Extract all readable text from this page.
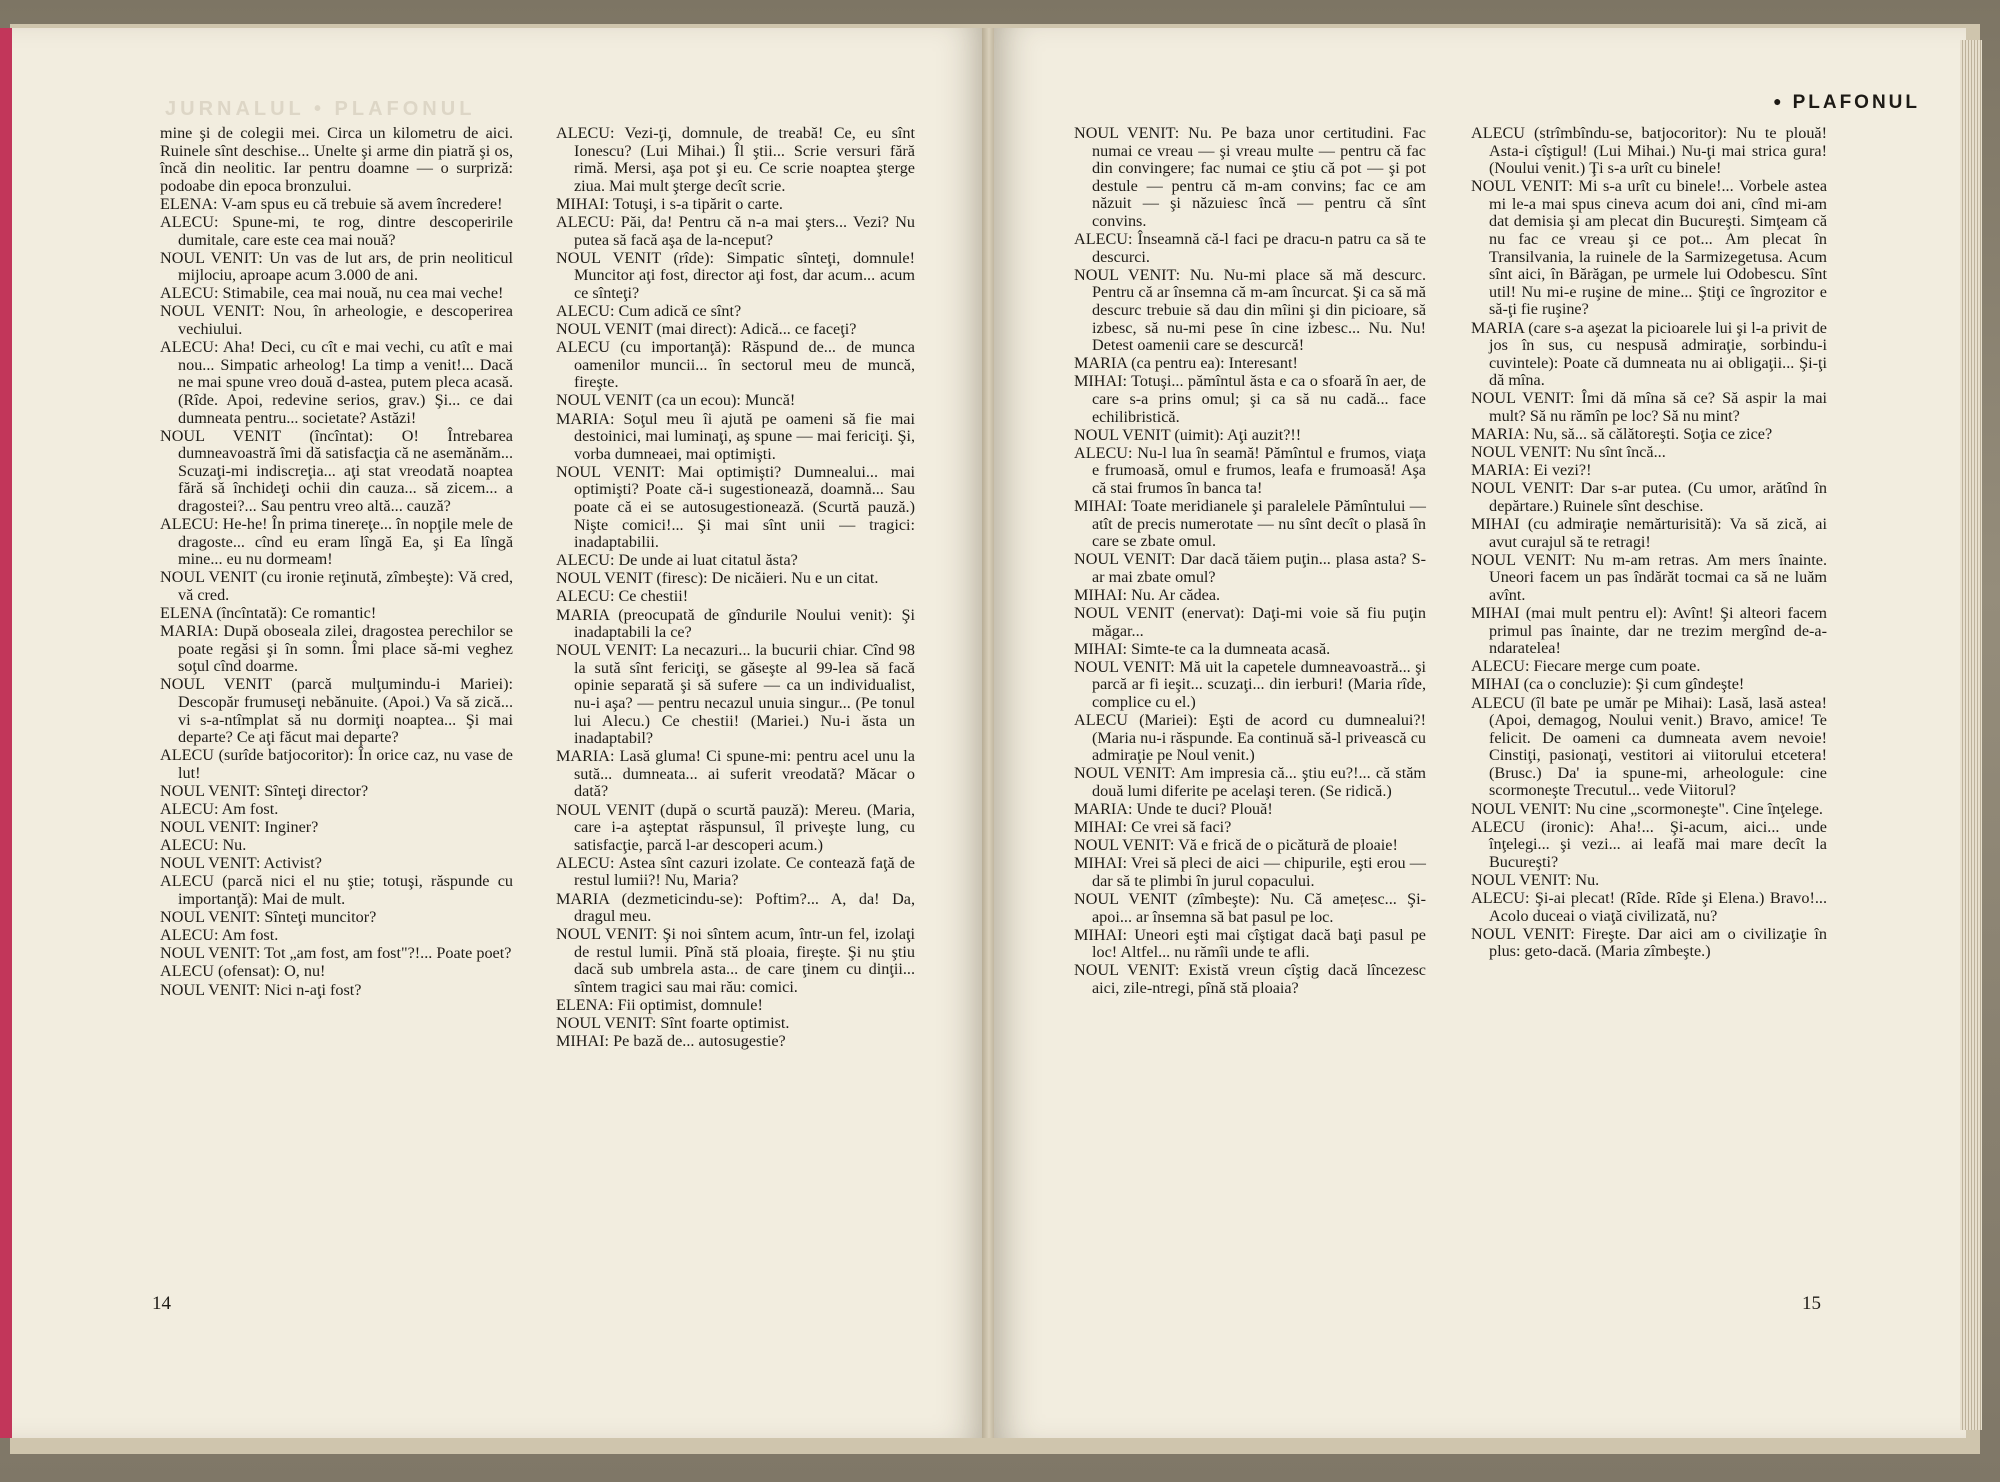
JURNALUL • PLAFONUL

mine şi de colegii mei. Circa un kilometru de aici. Ruinele sînt deschise... Unelte şi arme din piatră şi os, încă din neolitic. Iar pentru doamne — o surpriză: podoabe din epoca bronzului.

ELENA: V-am spus eu că trebuie să avem încredere!

ALECU: Spune-mi, te rog, dintre descoperirile dumitale, care este cea mai nouă?

NOUL VENIT: Un vas de lut ars, de prin neoliticul mijlociu, aproape acum 3.000 de ani.

ALECU: Stimabile, cea mai nouă, nu cea mai veche!

NOUL VENIT: Nou, în arheologie, e descoperirea vechiului.

ALECU: Aha! Deci, cu cît e mai vechi, cu atît e mai nou... Simpatic arheolog! La timp a venit!... Dacă ne mai spune vreo două d-astea, putem pleca acasă. (Rîde. Apoi, redevine serios, grav.) Şi... ce dai dumneata pentru... societate? Astăzi!

NOUL VENIT (încîntat): O! Întrebarea dumneavoastră îmi dă satisfacţia că ne asemănăm... Scuzaţi-mi indiscreţia... aţi stat vreodată noaptea fără să închideţi ochii din cauza... să zicem... a dragostei?... Sau pentru vreo altă... cauză?

ALECU: He-he! În prima tinereţe... în nopţile mele de dragoste... cînd eu eram lîngă Ea, şi Ea lîngă mine... eu nu dormeam!

NOUL VENIT (cu ironie reţinută, zîmbeşte): Vă cred, vă cred.

ELENA (încîntată): Ce romantic!

MARIA: După oboseala zilei, dragostea perechilor se poate regăsi şi în somn. Îmi place să-mi veghez soţul cînd doarme.

NOUL VENIT (parcă mulţumindu-i Mariei): Descopăr frumuseţi nebănuite. (Apoi.) Va să zică... vi s-a-ntîmplat să nu dormiţi noaptea... Şi mai departe? Ce aţi făcut mai departe?

ALECU (surîde batjocoritor): În orice caz, nu vase de lut!

NOUL VENIT: Sînteţi director?

ALECU: Am fost.

NOUL VENIT: Inginer?

ALECU: Nu.

NOUL VENIT: Activist?

ALECU (parcă nici el nu ştie; totuşi, răspunde cu importanţă): Mai de mult.

NOUL VENIT: Sînteţi muncitor?

ALECU: Am fost.

NOUL VENIT: Tot „am fost, am fost"?!... Poate poet?

ALECU (ofensat): O, nu!

NOUL VENIT: Nici n-aţi fost?

ALECU: Vezi-ţi, domnule, de treabă! Ce, eu sînt Ionescu? (Lui Mihai.) Îl ştii... Scrie versuri fără rimă. Mersi, aşa pot şi eu. Ce scrie noaptea şterge ziua. Mai mult şterge decît scrie.

MIHAI: Totuşi, i s-a tipărit o carte.

ALECU: Păi, da! Pentru că n-a mai şters... Vezi? Nu putea să facă aşa de la-nceput?

NOUL VENIT (rîde): Simpatic sînteţi, domnule! Muncitor aţi fost, director aţi fost, dar acum... acum ce sînteţi?

ALECU: Cum adică ce sînt?

NOUL VENIT (mai direct): Adică... ce faceţi?

ALECU (cu importanţă): Răspund de... de munca oamenilor muncii... în sectorul meu de muncă, fireşte.

NOUL VENIT (ca un ecou): Muncă!

MARIA: Soţul meu îi ajută pe oameni să fie mai destoinici, mai luminaţi, aş spune — mai fericiţi. Şi, vorba dumneaei, mai optimişti.

NOUL VENIT: Mai optimişti? Dumnealui... mai optimişti? Poate că-i sugestionează, doamnă... Sau poate că ei se autosugestionează. (Scurtă pauză.) Nişte comici!... Şi mai sînt unii — tragici: inadaptabilii.

ALECU: De unde ai luat citatul ăsta?

NOUL VENIT (firesc): De nicăieri. Nu e un citat.

ALECU: Ce chestii!

MARIA (preocupată de gîndurile Noului venit): Şi inadaptabili la ce?

NOUL VENIT: La necazuri... la bucurii chiar. Cînd 98 la sută sînt fericiţi, se găseşte al 99-lea să facă opinie separată şi să sufere — ca un individualist, nu-i aşa? — pentru necazul unuia singur... (Pe tonul lui Alecu.) Ce chestii! (Mariei.) Nu-i ăsta un inadaptabil?

MARIA: Lasă gluma! Ci spune-mi: pentru acel unu la sută... dumneata... ai suferit vreodată? Măcar o dată?

NOUL VENIT (după o scurtă pauză): Mereu. (Maria, care i-a aşteptat răspunsul, îl priveşte lung, cu satisfacţie, parcă l-ar descoperi acum.)

ALECU: Astea sînt cazuri izolate. Ce contează faţă de restul lumii?! Nu, Maria?

MARIA (dezmeticindu-se): Poftim?... A, da! Da, dragul meu.

NOUL VENIT: Şi noi sîntem acum, într-un fel, izolaţi de restul lumii. Pînă stă ploaia, fireşte. Şi nu ştiu dacă sub umbrela asta... de care ţinem cu dinţii... sîntem tragici sau mai rău: comici.

ELENA: Fii optimist, domnule!

NOUL VENIT: Sînt foarte optimist.

MIHAI: Pe bază de... autosugestie?

14
● PLAFONUL

NOUL VENIT: Nu. Pe baza unor certitudini. Fac numai ce vreau — şi vreau multe — pentru că fac din convingere; fac numai ce ştiu că pot — şi pot destule — pentru că m-am convins; fac ce am năzuit — şi năzuiesc încă — pentru că sînt convins.

ALECU: Înseamnă că-l faci pe dracu-n patru ca să te descurci.

NOUL VENIT: Nu. Nu-mi place să mă descurc. Pentru că ar însemna că m-am încurcat. Şi ca să mă descurc trebuie să dau din mîini şi din picioare, să izbesc, să nu-mi pese în cine izbesc... Nu. Nu! Detest oamenii care se descurcă!

MARIA (ca pentru ea): Interesant!

MIHAI: Totuşi... pămîntul ăsta e ca o sfoară în aer, de care s-a prins omul; şi ca să nu cadă... face echilibristică.

NOUL VENIT (uimit): Aţi auzit?!!

ALECU: Nu-l lua în seamă! Pămîntul e frumos, viaţa e frumoasă, omul e frumos, leafa e frumoasă! Aşa că stai frumos în banca ta!

MIHAI: Toate meridianele şi paralelele Pămîntului — atît de precis numerotate — nu sînt decît o plasă în care se zbate omul.

NOUL VENIT: Dar dacă tăiem puţin... plasa asta? S-ar mai zbate omul?

MIHAI: Nu. Ar cădea.

NOUL VENIT (enervat): Daţi-mi voie să fiu puţin măgar...

MIHAI: Simte-te ca la dumneata acasă.

NOUL VENIT: Mă uit la capetele dumneavoastră... şi parcă ar fi ieşit... scuzaţi... din ierburi! (Maria rîde, complice cu el.)

ALECU (Mariei): Eşti de acord cu dumnealui?! (Maria nu-i răspunde. Ea continuă să-l privească cu admiraţie pe Noul venit.)

NOUL VENIT: Am impresia că... ştiu eu?!... că stăm două lumi diferite pe acelaşi teren. (Se ridică.)

MARIA: Unde te duci? Plouă!

MIHAI: Ce vrei să faci?

NOUL VENIT: Vă e frică de o picătură de ploaie!

MIHAI: Vrei să pleci de aici — chipurile, eşti erou — dar să te plimbi în jurul copacului.

NOUL VENIT (zîmbeşte): Nu. Că amețesc... Şi-apoi... ar însemna să bat pasul pe loc.

MIHAI: Uneori eşti mai cîştigat dacă baţi pasul pe loc! Altfel... nu rămîi unde te afli.

NOUL VENIT: Există vreun cîştig dacă lîncezesc aici, zile-ntregi, pînă stă ploaia?

ALECU (strîmbîndu-se, batjocoritor): Nu te plouă! Asta-i cîştigul! (Lui Mihai.) Nu-ţi mai strica gura! (Noului venit.) Ţi s-a urît cu binele!

NOUL VENIT: Mi s-a urît cu binele!... Vorbele astea mi le-a mai spus cineva acum doi ani, cînd mi-am dat demisia şi am plecat din Bucureşti. Simţeam că nu fac ce vreau şi ce pot... Am plecat în Transilvania, la ruinele de la Sarmizegetusa. Acum sînt aici, în Bărăgan, pe urmele lui Odobescu. Sînt util! Nu mi-e ruşine de mine... Ştiţi ce îngrozitor e să-ţi fie ruşine?

MARIA (care s-a aşezat la picioarele lui şi l-a privit de jos în sus, cu nespusă admiraţie, sorbindu-i cuvintele): Poate că dumneata nu ai obligaţii... Şi-ţi dă mîna.

NOUL VENIT: Îmi dă mîna să ce? Să aspir la mai mult? Să nu rămîn pe loc? Să nu mint?

MARIA: Nu, să... să călătoreşti. Soţia ce zice?

NOUL VENIT: Nu sînt încă...

MARIA: Ei vezi?!

NOUL VENIT: Dar s-ar putea. (Cu umor, arătînd în depărtare.) Ruinele sînt deschise.

MIHAI (cu admiraţie nemărturisită): Va să zică, ai avut curajul să te retragi!

NOUL VENIT: Nu m-am retras. Am mers înainte. Uneori facem un pas îndărăt tocmai ca să ne luăm avînt.

MIHAI (mai mult pentru el): Avînt! Şi alteori facem primul pas înainte, dar ne trezim mergînd de-a-ndaratelea!

ALECU: Fiecare merge cum poate.

MIHAI (ca o concluzie): Şi cum gîndeşte!

ALECU (îl bate pe umăr pe Mihai): Lasă, lasă astea! (Apoi, demagog, Noului venit.) Bravo, amice! Te felicit. De oameni ca dumneata avem nevoie! Cinstiţi, pasionaţi, vestitori ai viitorului etcetera! (Brusc.) Da' ia spune-mi, arheologule: cine scormoneşte Trecutul... vede Viitorul?

NOUL VENIT: Nu cine „scormoneşte". Cine înţelege.

ALECU (ironic): Aha!... Şi-acum, aici... unde înţelegi... şi vezi... ai leafă mai mare decît la Bucureşti?

NOUL VENIT: Nu.

ALECU: Şi-ai plecat! (Rîde. Rîde şi Elena.) Bravo!... Acolo duceai o viaţă civilizată, nu?

NOUL VENIT: Fireşte. Dar aici am o civilizaţie în plus: geto-dacă. (Maria zîmbeşte.)

15
